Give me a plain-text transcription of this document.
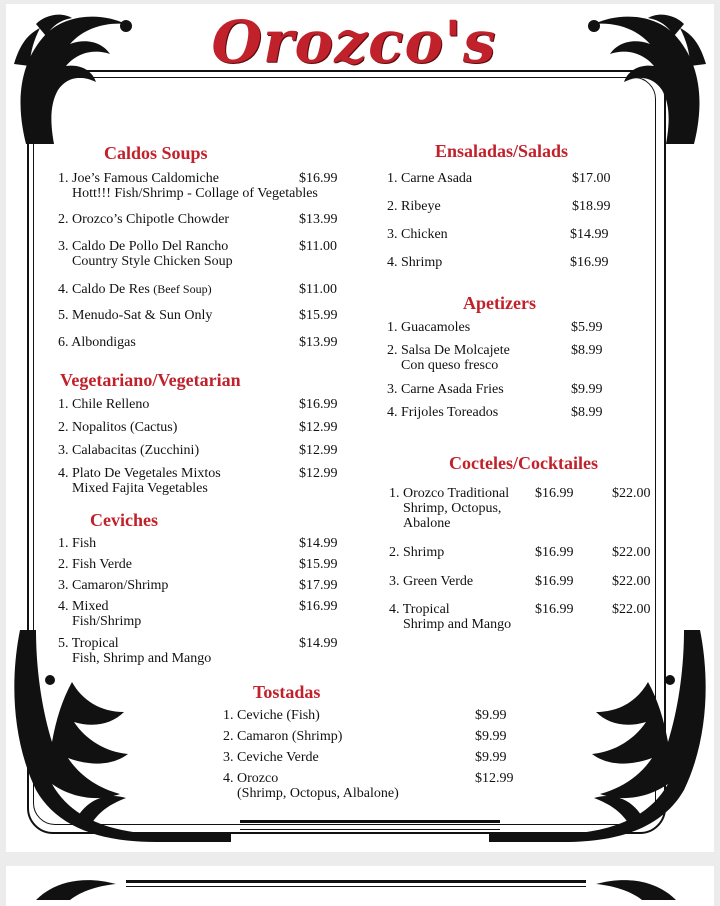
Orozco's
Caldos Soups
1. Joe’s Famous Caldomiche
Hott!!! Fish/Shrimp - Collage of Vegetables
$16.99
2. Orozco’s Chipotle Chowder	$13.99
3. Caldo De Pollo Del Rancho
Country Style Chicken Soup
$11.00
4. Caldo De Res (Beef Soup)	$11.00
5. Menudo-Sat & Sun Only	$15.99
6. Albondigas	$13.99
Vegetariano/Vegetarian
1. Chile Relleno	$16.99
2. Nopalitos (Cactus)	$12.99
3. Calabacitas (Zucchini)	$12.99
4. Plato De Vegetales Mixtos
Mixed Fajita Vegetables
$12.99
Ceviches
1. Fish	$14.99
2. Fish Verde	$15.99
3. Camaron/Shrimp	$17.99
4. Mixed
Fish/Shrimp
$16.99
5. Tropical
Fish, Shrimp and Mango
$14.99
Ensaladas/Salads
1. Carne Asada	$17.00
2. Ribeye	$18.99
3. Chicken	$14.99
4. Shrimp	$16.99
Apetizers
1. Guacamoles	$5.99
2. Salsa De Molcajete
Con queso fresco
$8.99
3. Carne Asada Fries	$9.99
4. Frijoles Toreados	$8.99
Cocteles/Cocktailes
1. Orozco Traditional
Shrimp, Octopus,
Abalone
$16.99	$22.00
2. Shrimp	$16.99	$22.00
3. Green Verde	$16.99	$22.00
4. Tropical
Shrimp and Mango
$16.99	$22.00
Tostadas
1. Ceviche (Fish)	$9.99
2. Camaron (Shrimp)	$9.99
3. Ceviche Verde	$9.99
4. Orozco
(Shrimp, Octopus, Albalone)
$12.99
